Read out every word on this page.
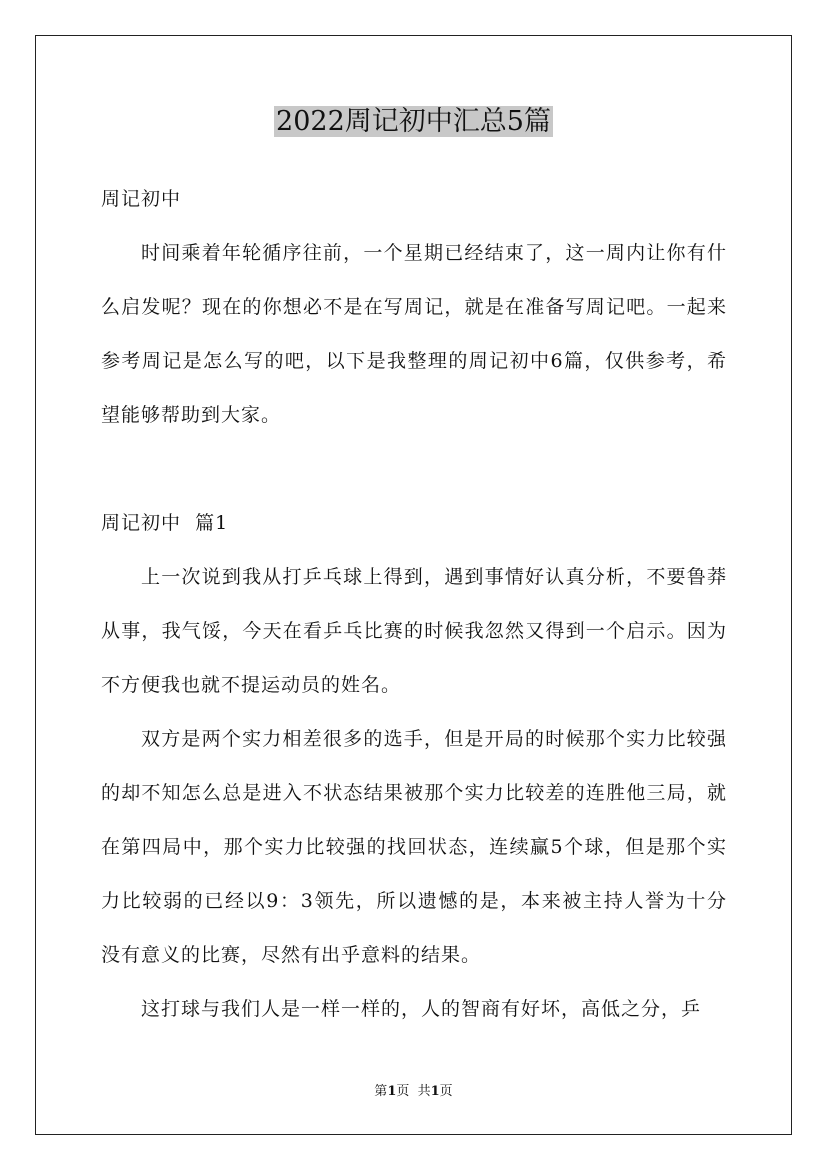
2022周记初中汇总5篇

周记初中

时间乘着年轮循序往前，一个星期已经结束了，这一周内让你有什么启发呢？现在的你想必不是在写周记，就是在准备写周记吧。一起来参考周记是怎么写的吧，以下是我整理的周记初中6篇，仅供参考，希望能够帮助到大家。

周记初中  篇1

上一次说到我从打乒乓球上得到，遇到事情好认真分析，不要鲁莽从事，我气馁，今天在看乒乓比赛的时候我忽然又得到一个启示。因为不方便我也就不提运动员的姓名。

双方是两个实力相差很多的选手，但是开局的时候那个实力比较强的却不知怎么总是进入不状态结果被那个实力比较差的连胜他三局，就在第四局中，那个实力比较强的找回状态，连续赢5个球，但是那个实力比较弱的已经以9：3领先，所以遗憾的是，本来被主持人誉为十分没有意义的比赛，尽然有出乎意料的结果。

这打球与我们人是一样一样的，人的智商有好坏，高低之分，乒

第1页  共1页
